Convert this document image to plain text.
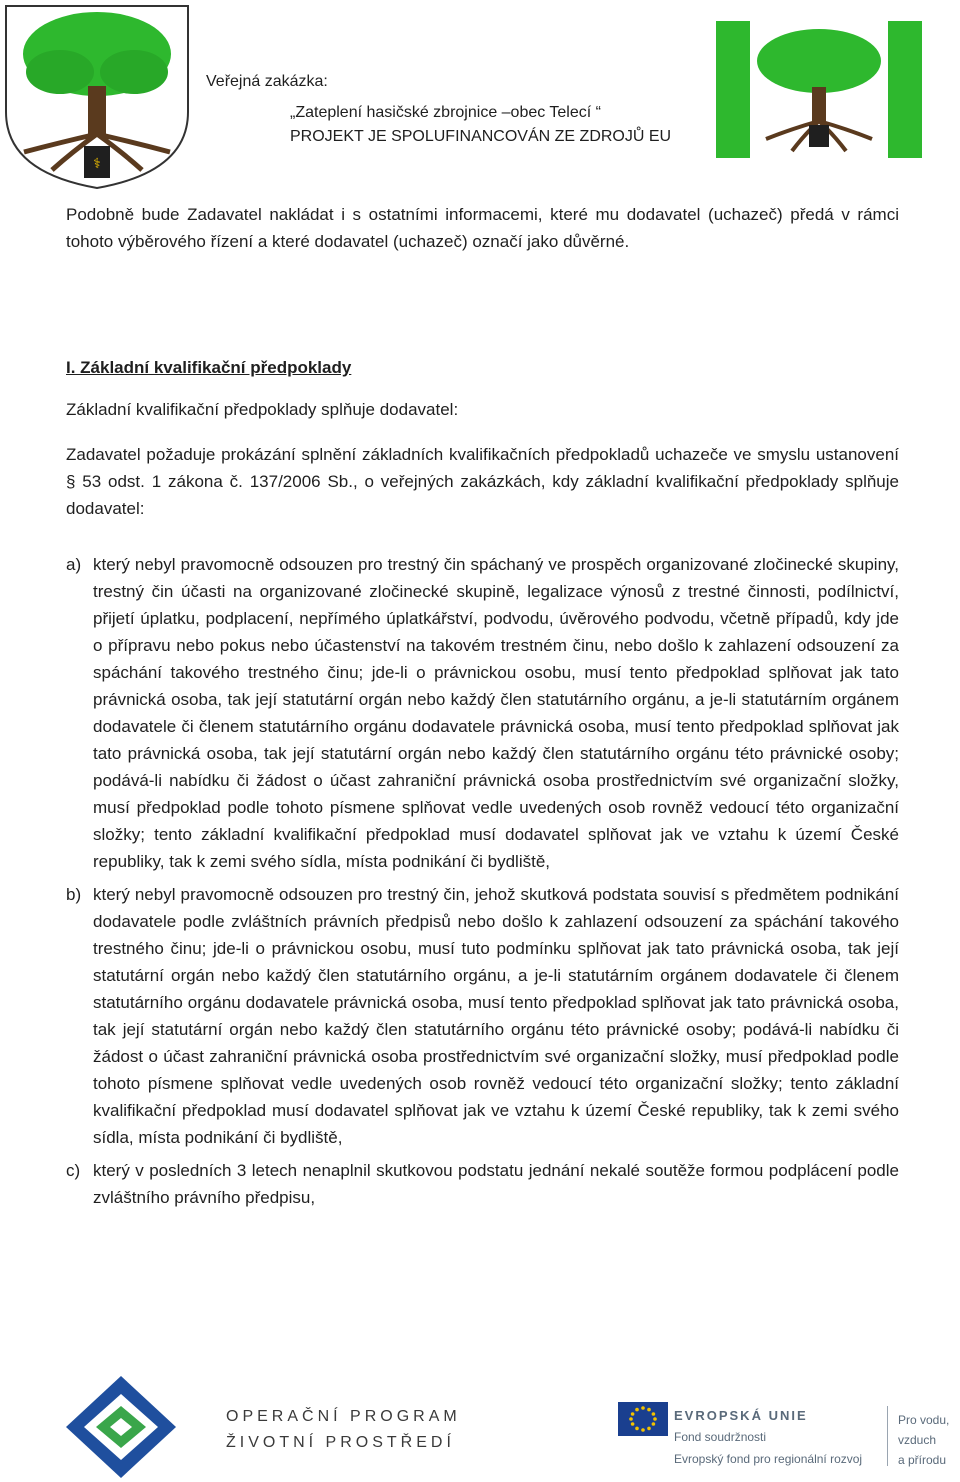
⚕
Veřejná zakázka:
„Zateplení hasičské zbrojnice –obec Telecí “
PROJEKT JE SPOLUFINANCOVÁN ZE ZDROJŮ EU
Podobně bude Zadavatel nakládat i s ostatními informacemi, které mu dodavatel (uchazeč) předá v rámci tohoto výběrového řízení a které dodavatel (uchazeč) označí jako důvěrné.
I. Základní kvalifikační předpoklady
Základní kvalifikační předpoklady splňuje dodavatel:
Zadavatel požaduje prokázání splnění základních kvalifikačních předpokladů uchazeče ve smyslu ustanovení § 53 odst. 1 zákona č. 137/2006 Sb., o veřejných zakázkách, kdy základní kvalifikační předpoklady splňuje dodavatel:
a) který nebyl pravomocně odsouzen pro trestný čin spáchaný ve prospěch organizované zločinecké skupiny, trestný čin účasti na organizované zločinecké skupině, legalizace výnosů z trestné činnosti, podílnictví, přijetí úplatku, podplacení, nepřímého úplatkářství, podvodu, úvěrového podvodu, včetně případů, kdy jde o přípravu nebo pokus nebo účastenství na takovém trestném činu, nebo došlo k zahlazení odsouzení za spáchání takového trestného činu; jde-li o právnickou osobu, musí tento předpoklad splňovat jak tato právnická osoba, tak její statutární orgán nebo každý člen statutárního orgánu, a je-li statutárním orgánem dodavatele či členem statutárního orgánu dodavatele právnická osoba, musí tento předpoklad splňovat jak tato právnická osoba, tak její statutární orgán nebo každý člen statutárního orgánu této právnické osoby; podává-li nabídku či žádost o účast zahraniční právnická osoba prostřednictvím své organizační složky, musí předpoklad podle tohoto písmene splňovat vedle uvedených osob rovněž vedoucí této organizační složky; tento základní kvalifikační předpoklad musí dodavatel splňovat jak ve vztahu k území České republiky, tak k zemi svého sídla, místa podnikání či bydliště,
b) který nebyl pravomocně odsouzen pro trestný čin, jehož skutková podstata souvisí s předmětem podnikání dodavatele podle zvláštních právních předpisů nebo došlo k zahlazení odsouzení za spáchání takového trestného činu; jde-li o právnickou osobu, musí tuto podmínku splňovat jak tato právnická osoba, tak její statutární orgán nebo každý člen statutárního orgánu, a je-li statutárním orgánem dodavatele či členem statutárního orgánu dodavatele právnická osoba, musí tento předpoklad splňovat jak tato právnická osoba, tak její statutární orgán nebo každý člen statutárního orgánu této právnické osoby; podává-li nabídku či žádost o účast zahraniční právnická osoba prostřednictvím své organizační složky, musí předpoklad podle tohoto písmene splňovat vedle uvedených osob rovněž vedoucí této organizační složky; tento základní kvalifikační předpoklad musí dodavatel splňovat jak ve vztahu k území České republiky, tak k zemi svého sídla, místa podnikání či bydliště,
c) který v posledních 3 letech nenaplnil skutkovou podstatu jednání nekalé soutěže formou podplácení podle zvláštního právního předpisu,
OPERAČNÍ PROGRAM
ŽIVOTNÍ PROSTŘEDÍ
EVROPSKÁ UNIE
Fond soudržnosti
Evropský fond pro regionální rozvoj
Pro vodu,
vzduch
a přírodu
